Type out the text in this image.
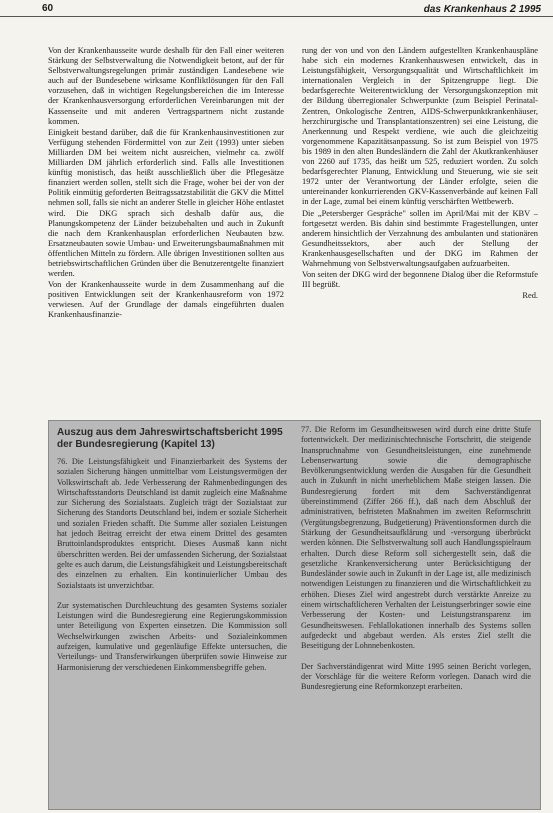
60	das Krankenhaus 2 1995

Von der Krankenhausseite wurde deshalb für den Fall einer weiteren Stärkung der Selbstverwaltung die Notwendigkeit betont, auf der für Selbstverwaltungsregelungen primär zuständigen Landesebene wie auch auf der Bundesebene wirksame Konfliktlösungen für den Fall vorzusehen, daß in wichtigen Regelungsbereichen die im Interesse der Krankenhausversorgung erforderlichen Vereinbarungen mit der Kassenseite und mit anderen Vertragspartnern nicht zustande kommen.

Einigkeit bestand darüber, daß die für Krankenhausinvestitionen zur Verfügung stehenden Fördermittel von zur Zeit (1993) unter sieben Milliarden DM bei weitem nicht ausreichen, vielmehr ca. zwölf Milliarden DM jährlich erforderlich sind. Falls alle Investitionen künftig monistisch, das heißt ausschließlich über die Pflegesätze finanziert werden sollen, stellt sich die Frage, woher bei der von der Politik einmütig geforderten Beitragssatzstabilität die GKV die Mittel nehmen soll, falls sie nicht an anderer Stelle in gleicher Höhe entlastet wird. Die DKG sprach sich deshalb dafür aus, die Planungskompetenz der Länder beizubehalten und auch in Zukunft die nach dem Krankenhausplan erforderlichen Neubauten bzw. Ersatzneubauten sowie Umbau- und Erweiterungsbaumaßnahmen mit öffentlichen Mitteln zu fördern. Alle übrigen Investitionen sollten aus betriebswirtschaftlichen Gründen über die Benutzerentgelte finanziert werden.

Von der Krankenhausseite wurde in dem Zusammenhang auf die positiven Entwicklungen seit der Krankenhausreform von 1972 verwiesen. Auf der Grundlage der damals eingeführten dualen Krankenhausfinanzie-

rung der von und von den Ländern aufgestellten Krankenhauspläne habe sich ein modernes Krankenhauswesen entwickelt, das in Leistungsfähigkeit, Versorgungsqualität und Wirtschaftlichkeit im internationalen Vergleich in der Spitzengruppe liegt. Die bedarfsgerechte Weiterentwicklung der Versorgungskonzeption mit der Bildung überregionaler Schwerpunkte (zum Beispiel Perinatal-Zentren, Onkologische Zentren, AIDS-Schwerpunktkrankenhäuser, herzchirurgische und Transplantationszentren) sei eine Leistung, die Anerkennung und Respekt verdiene, wie auch die gleichzeitig vorgenommene Kapazitätsanpassung. So ist zum Beispiel von 1975 bis 1989 in den alten Bundesländern die Zahl der Akutkrankenhäuser von 2260 auf 1735, das heißt um 525, reduziert worden. Zu solch bedarfsgerechter Planung, Entwicklung und Steuerung, wie sie seit 1972 unter der Verantwortung der Länder erfolgte, seien die untereinander konkurrierenden GKV-Kassenverbände auf keinen Fall in der Lage, zumal bei einem künftig verschärften Wettbewerb.

Die „Petersberger Gespräche" sollen im April/Mai mit der KBV – fortgesetzt werden. Bis dahin sind bestimmte Fragestellungen, unter anderem hinsichtlich der Verzahnung des ambulanten und stationären Gesundheitssektors, aber auch der Stellung der Krankenhausgesellschaften und der DKG im Rahmen der Wahrnehmung von Selbstverwaltungsaufgaben aufzuarbeiten.

Von seiten der DKG wird der begonnene Dialog über die Reformstufe III begrüßt.

Red.

Auszug aus dem Jahreswirtschaftsbericht 1995 der Bundesregierung (Kapitel 13)

76. Die Leistungsfähigkeit und Finanzierbarkeit des Systems der sozialen Sicherung hängen unmittelbar vom Leistungsvermögen der Volkswirtschaft ab. Jede Verbesserung der Rahmenbedingungen des Wirtschaftsstandorts Deutschland ist damit zugleich eine Maßnahme zur Sicherung des Sozialstaats. Zugleich trägt der Sozialstaat zur Sicherung des Standorts Deutschland bei, indem er soziale Sicherheit und sozialen Frieden schafft. Die Summe aller sozialen Leistungen hat jedoch Beitrag erreicht der etwa einem Drittel des gesamten Bruttoinlandsproduktes entspricht. Dieses Ausmaß kann nicht überschritten werden. Bei der umfassenden Sicherung, der Sozialstaat gelte es auch darum, die Leistungsfähigkeit und Leistungsbereitschaft des einzelnen zu erhalten. Ein kontinuierlicher Umbau des Sozialstaats ist unverzichtbar.

Zur systematischen Durchleuchtung des gesamten Systems sozialer Leistungen wird die Bundesregierung eine Regierungskommission unter Beteiligung von Experten einsetzen. Die Kommission soll Wechselwirkungen zwischen Arbeits- und Sozialeinkommen aufzeigen, kumulative und gegenläufige Effekte untersuchen, die Verteilungs- und Transferwirkungen überprüfen sowie Hinweise zur Harmonisierung der verschiedenen Einkommensbegriffe geben.

77. Die Reform im Gesundheitswesen wird durch eine dritte Stufe fortentwickelt. Der medizinischtechnische Fortschritt, die steigende Inanspruchnahme von Gesundheitsleistungen, eine zunehmende Lebenserwartung sowie die demographische Bevölkerungsentwicklung werden die Ausgaben für die Gesundheit auch in Zukunft in nicht unerheblichem Maße steigen lassen. Die Bundesregierung fordert mit dem Sachverständigenrat übereinstimmend (Ziffer 266 ff.), daß nach dem Abschluß der administrativen, befristeten Maßnahmen im zweiten Reformschritt (Vergütungsbegrenzung, Budgetierung) Präventionsformen durch die Stärkung der Gesundheitsaufklärung und -versorgung überbrückt werden können. Die Selbstverwaltung soll auch Handlungsspielraum erhalten. Durch diese Reform soll sichergestellt sein, daß die gesetzliche Krankenversicherung unter Berücksichtigung der Bundesländer sowie auch in Zukunft in der Lage ist, alle medizinisch notwendigen Leistungen zu finanzieren und die Wirtschaftlichkeit zu erhöhen. Dieses Ziel wird angestrebt durch verstärkte Anreize zu einem wirtschaftlicheren Verhalten der Leistungserbringer sowie eine Verbesserung der Kosten- und Leistungstransparenz im Gesundheitswesen. Fehlallokationen innerhalb des Systems sollen aufgedeckt und abgebaut werden. Als erstes Ziel stellt die Beseitigung der Lohnnebenkosten.

Der Sachverständigenrat wird Mitte 1995 seinen Bericht vorlegen, der Vorschläge für die weitere Reform vorlegen. Danach wird die Bundesregierung eine Reformkonzept erarbeiten.
